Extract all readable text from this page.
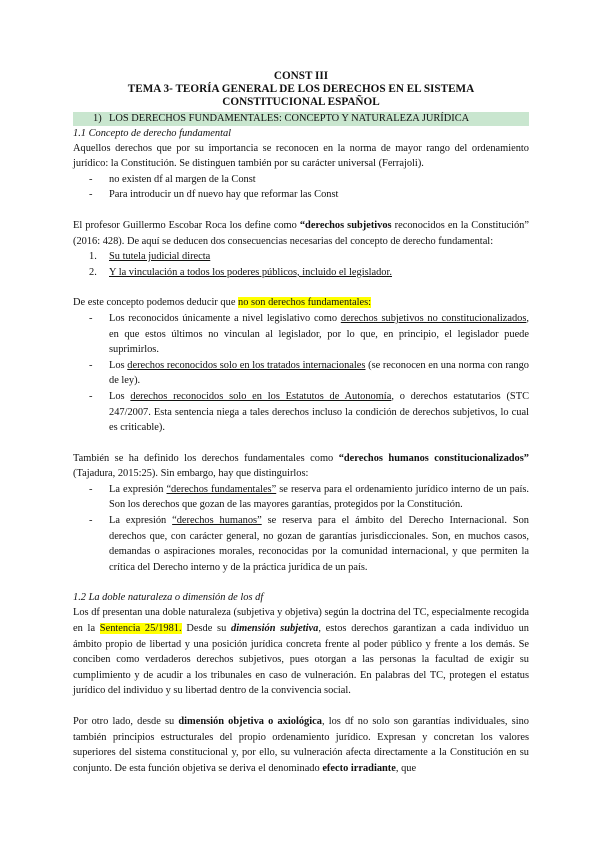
CONST III
TEMA 3- TEORÍA GENERAL DE LOS DERECHOS EN EL SISTEMA
CONSTITUCIONAL ESPAÑOL
1) LOS DERECHOS FUNDAMENTALES: CONCEPTO Y NATURALEZA JURÍDICA
1.1 Concepto de derecho fundamental

Aquellos derechos que por su importancia se reconocen en la norma de mayor rango del ordenamiento jurídico: la Constitución. Se distinguen también por su carácter universal (Ferrajoli).

- no existen df al margen de la Const
- Para introducir un df nuevo hay que reformar las Const

El profesor Guillermo Escobar Roca los define como “derechos subjetivos reconocidos en la Constitución” (2016: 428). De aquí se deducen dos consecuencias necesarias del concepto de derecho fundamental:

1. Su tutela judicial directa
2. Y la vinculación a todos los poderes públicos, incluido el legislador.

De este concepto podemos deducir que no son derechos fundamentales:

- Los reconocidos únicamente a nivel legislativo como derechos subjetivos no constitucionalizados, en que estos últimos no vinculan al legislador, por lo que, en principio, el legislador puede suprimirlos.
- Los derechos reconocidos solo en los tratados internacionales (se reconocen en una norma con rango de ley).
- Los derechos reconocidos solo en los Estatutos de Autonomía, o derechos estatutarios (STC 247/2007. Esta sentencia niega a tales derechos incluso la condición de derechos subjetivos, lo cual es criticable).

También se ha definido los derechos fundamentales como “derechos humanos constitucionalizados” (Tajadura, 2015:25). Sin embargo, hay que distinguirlos:

- La expresión “derechos fundamentales” se reserva para el ordenamiento jurídico interno de un país. Son los derechos que gozan de las mayores garantías, protegidos por la Constitución.
- La expresión “derechos humanos” se reserva para el ámbito del Derecho Internacional. Son derechos que, con carácter general, no gozan de garantías jurisdiccionales. Son, en muchos casos, demandas o aspiraciones morales, reconocidas por la comunidad internacional, y que permiten la crítica del Derecho interno y de la práctica jurídica de un país.
1.2 La doble naturaleza o dimensión de los df

Los df presentan una doble naturaleza (subjetiva y objetiva) según la doctrina del TC, especialmente recogida en la Sentencia 25/1981. Desde su dimensión subjetiva, estos derechos garantizan a cada individuo un ámbito propio de libertad y una posición jurídica concreta frente al poder público y frente a los demás. Se conciben como verdaderos derechos subjetivos, pues otorgan a las personas la facultad de exigir su cumplimiento y de acudir a los tribunales en caso de vulneración. En palabras del TC, protegen el estatus jurídico del individuo y su libertad dentro de la convivencia social.

Por otro lado, desde su dimensión objetiva o axiológica, los df no solo son garantías individuales, sino también principios estructurales del propio ordenamiento jurídico. Expresan y concretan los valores superiores del sistema constitucional y, por ello, su vulneración afecta directamente a la Constitución en su conjunto. De esta función objetiva se deriva el denominado efecto irradiante, que
